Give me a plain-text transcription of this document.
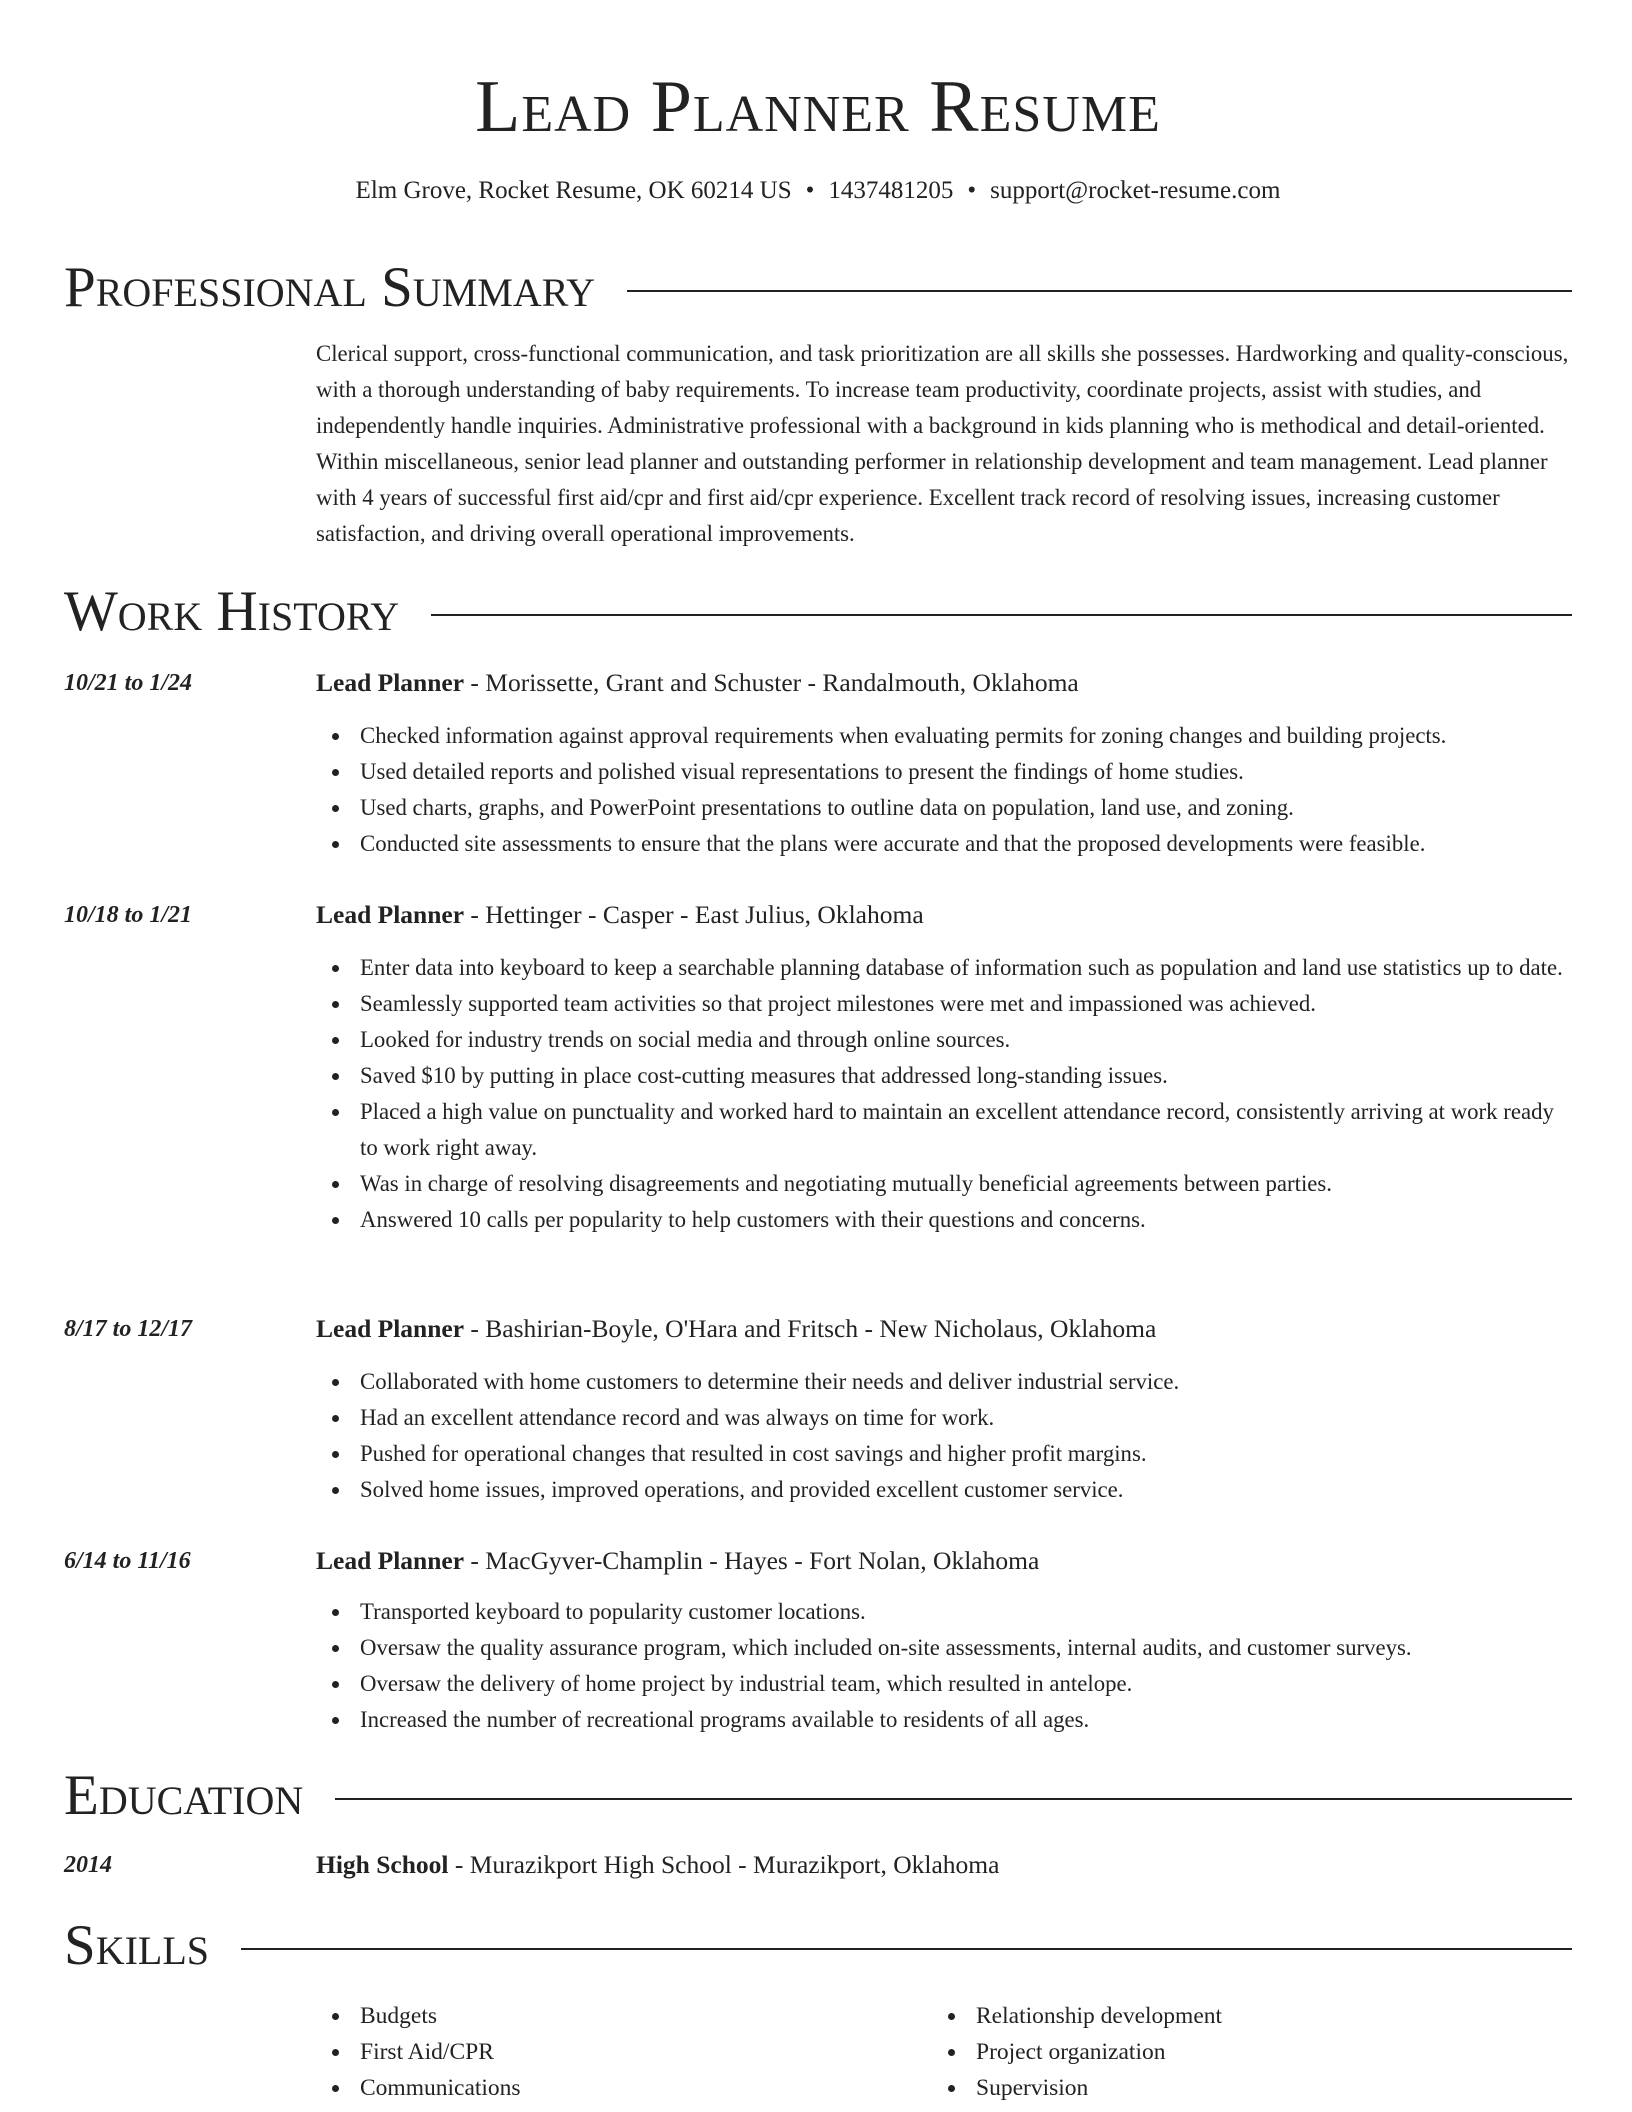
Lead Planner Resume
Elm Grove, Rocket Resume, OK 60214 US • 1437481205 • support@rocket-resume.com
Professional Summary

Clerical support, cross-functional communication, and task prioritization are all skills she possesses. Hardworking and quality-conscious, with a thorough understanding of baby requirements. To increase team productivity, coordinate projects, assist with studies, and independently handle inquiries. Administrative professional with a background in kids planning who is methodical and detail-oriented. Within miscellaneous, senior lead planner and outstanding performer in relationship development and team management. Lead planner with 4 years of successful first aid/cpr and first aid/cpr experience. Excellent track record of resolving issues, increasing customer satisfaction, and driving overall operational improvements.

Work History
10/21 to 1/24	Lead Planner - Morissette, Grant and Schuster - Randalmouth, Oklahoma
Checked information against approval requirements when evaluating permits for zoning changes and building projects.
Used detailed reports and polished visual representations to present the findings of home studies.
Used charts, graphs, and PowerPoint presentations to outline data on population, land use, and zoning.
Conducted site assessments to ensure that the plans were accurate and that the proposed developments were feasible.
10/18 to 1/21	Lead Planner - Hettinger - Casper - East Julius, Oklahoma
Enter data into keyboard to keep a searchable planning database of information such as population and land use statistics up to date.
Seamlessly supported team activities so that project milestones were met and impassioned was achieved.
Looked for industry trends on social media and through online sources.
Saved $10 by putting in place cost-cutting measures that addressed long-standing issues.
Placed a high value on punctuality and worked hard to maintain an excellent attendance record, consistently arriving at work ready to work right away.
Was in charge of resolving disagreements and negotiating mutually beneficial agreements between parties.
Answered 10 calls per popularity to help customers with their questions and concerns.
8/17 to 12/17	Lead Planner - Bashirian-Boyle, O'Hara and Fritsch - New Nicholaus, Oklahoma
Collaborated with home customers to determine their needs and deliver industrial service.
Had an excellent attendance record and was always on time for work.
Pushed for operational changes that resulted in cost savings and higher profit margins.
Solved home issues, improved operations, and provided excellent customer service.
6/14 to 11/16	Lead Planner - MacGyver-Champlin - Hayes - Fort Nolan, Oklahoma
Transported keyboard to popularity customer locations.
Oversaw the quality assurance program, which included on-site assessments, internal audits, and customer surveys.
Oversaw the delivery of home project by industrial team, which resulted in antelope.
Increased the number of recreational programs available to residents of all ages.
Education
2014	High School - Murazikport High School - Murazikport, Oklahoma
Skills
Budgets
First Aid/CPR
Communications
Relationship development
Project organization
Supervision
